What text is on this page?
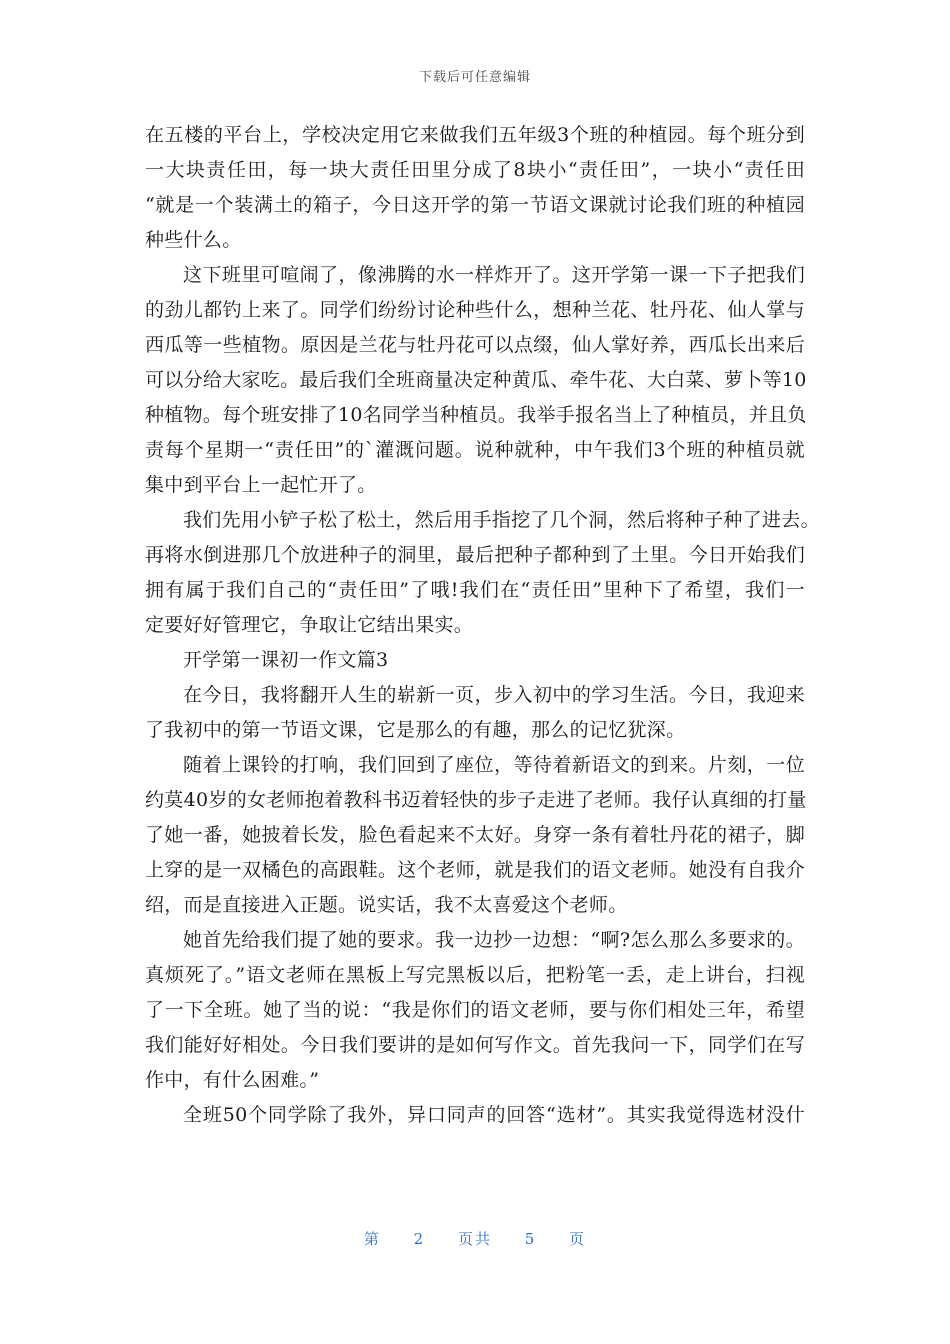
下载后可任意编辑
在五楼的平台上，学校决定用它来做我们五年级3个班的种植园。每个班分到
一大块责任田，每一块大责任田里分成了8块小“责任田”，一块小“责任田
“就是一个装满土的箱子，今日这开学的第一节语文课就讨论我们班的种植园
种些什么。
这下班里可喧闹了，像沸腾的水一样炸开了。这开学第一课一下子把我们
的劲儿都钓上来了。同学们纷纷讨论种些什么，想种兰花、牡丹花、仙人掌与
西瓜等一些植物。原因是兰花与牡丹花可以点缀，仙人掌好养，西瓜长出来后
可以分给大家吃。最后我们全班商量决定种黄瓜、牵牛花、大白菜、萝卜等10
种植物。每个班安排了10名同学当种植员。我举手报名当上了种植员，并且负
责每个星期一“责任田”的`灌溉问题。说种就种，中午我们3个班的种植员就
集中到平台上一起忙开了。
我们先用小铲子松了松土，然后用手指挖了几个洞，然后将种子种了进去。
再将水倒进那几个放进种子的洞里，最后把种子都种到了土里。今日开始我们
拥有属于我们自己的“责任田”了哦!我们在“责任田”里种下了希望，我们一
定要好好管理它，争取让它结出果实。
开学第一课初一作文篇3
在今日，我将翻开人生的崭新一页，步入初中的学习生活。今日，我迎来
了我初中的第一节语文课，它是那么的有趣，那么的记忆犹深。
随着上课铃的打响，我们回到了座位，等待着新语文的到来。片刻，一位
约莫40岁的女老师抱着教科书迈着轻快的步子走进了老师。我仔认真细的打量
了她一番，她披着长发，脸色看起来不太好。身穿一条有着牡丹花的裙子，脚
上穿的是一双橘色的高跟鞋。这个老师，就是我们的语文老师。她没有自我介
绍，而是直接进入正题。说实话，我不太喜爱这个老师。
她首先给我们提了她的要求。我一边抄一边想：“啊?怎么那么多要求的。
真烦死了。”语文老师在黑板上写完黑板以后，把粉笔一丢，走上讲台，扫视
了一下全班。她了当的说：“我是你们的语文老师，要与你们相处三年，希望
我们能好好相处。今日我们要讲的是如何写作文。首先我问一下，同学们在写
作中，有什么困难。”
全班50个同学除了我外，异口同声的回答“选材”。其实我觉得选材没什
第 2 页共 5 页
